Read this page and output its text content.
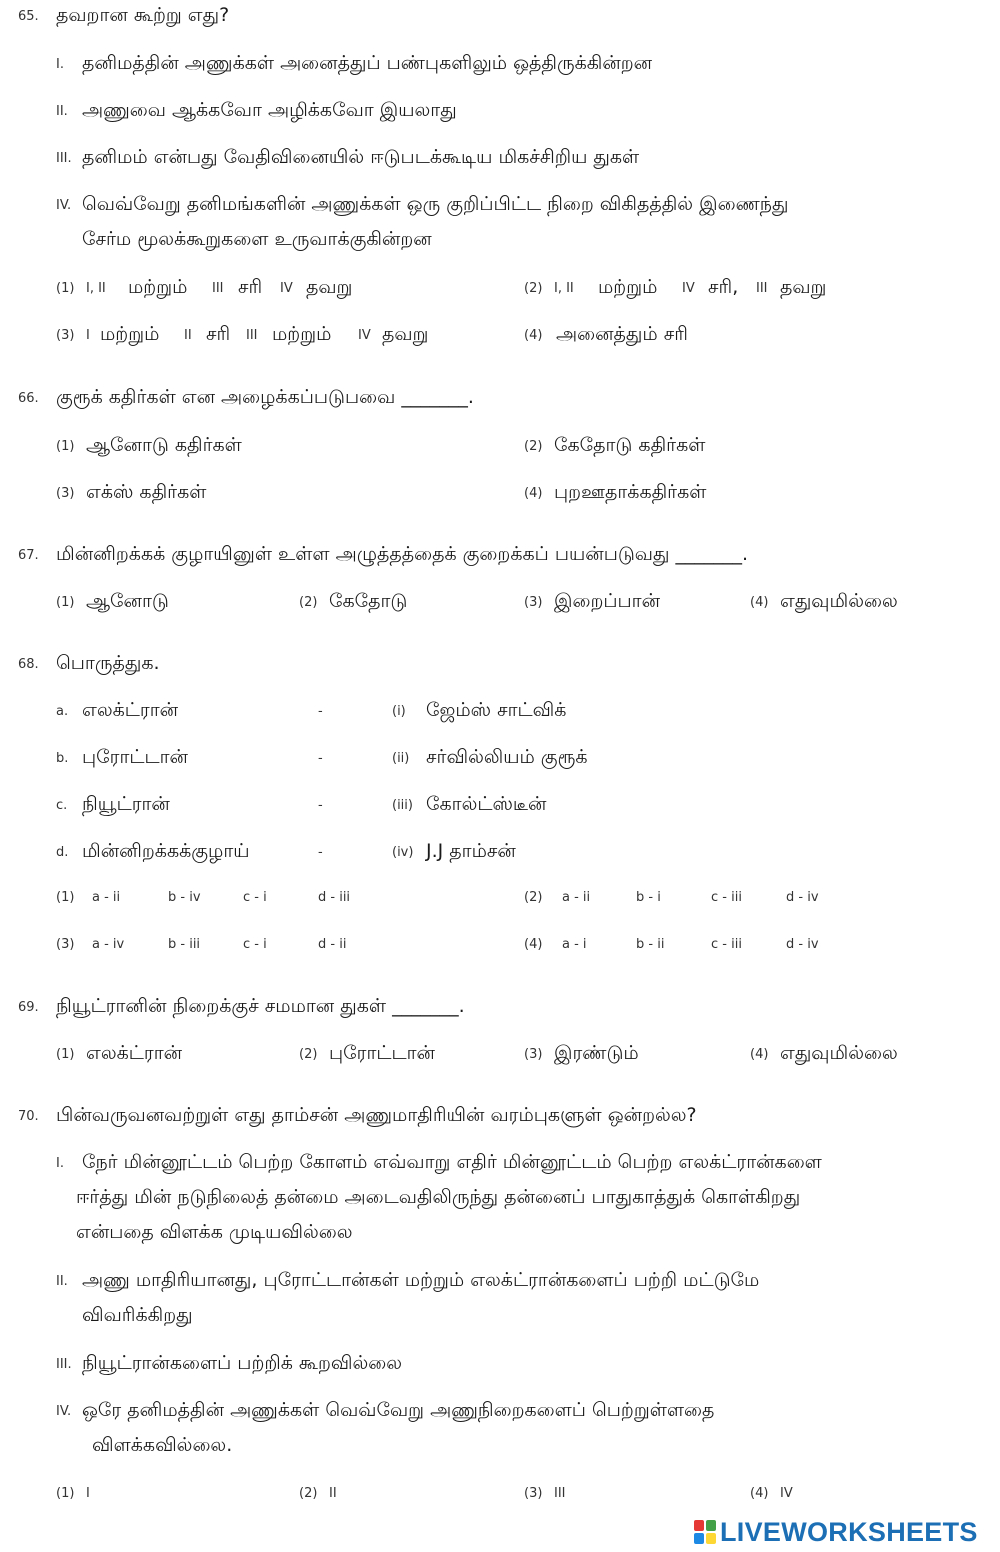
65. தவறான கூற்று எது?
I. தனிமத்தின் அணுக்கள் அனைத்துப் பண்புகளிலும் ஒத்திருக்கின்றன
II. அணுவை ஆக்கவோ அழிக்கவோ இயலாது
III. தனிமம் என்பது வேதிவினையில் ஈடுபடக்கூடிய மிகச்சிறிய துகள்
IV. வெவ்வேறு தனிமங்களின் அணுக்கள் ஒரு குறிப்பிட்ட நிறை விகிதத்தில் இணைந்து
சேர்ம மூலக்கூறுகளை உருவாக்குகின்றன
(1) I, II மற்றும் III சரி IV தவறு	(2) I, II மற்றும் IV சரி, III தவறு
(3) I மற்றும் II சரி III மற்றும் IV தவறு	(4) அனைத்தும் சரி
66. குரூக் கதிர்கள் என அழைக்கப்படுபவை _______.
(1) ஆனோடு கதிர்கள்	(2) கேதோடு கதிர்கள்
(3) எக்ஸ் கதிர்கள்	(4) புறஊதாக்கதிர்கள்
67. மின்னிறக்கக் குழாயினுள் உள்ள அழுத்தத்தைக் குறைக்கப் பயன்படுவது _______.
(1) ஆனோடு	(2) கேதோடு	(3) இறைப்பான்	(4) எதுவுமில்லை
68. பொருத்துக.
a. எலக்ட்ரான்	-	(i) ஜேம்ஸ் சாட்விக்
b. புரோட்டான்	-	(ii) சர்வில்லியம் குரூக்
c. நியூட்ரான்	-	(iii) கோல்ட்ஸ்டீன்
d. மின்னிறக்கக்குழாய்	-	(iv) J.J தாம்சன்
(1) a - ii	b - iv	c - i	d - iii	(2) a - ii	b - i	c - iii	d - iv
(3) a - iv	b - iii	c - i	d - ii	(4) a - i	b - ii	c - iii	d - iv
69. நியூட்ரானின் நிறைக்குச் சமமான துகள் _______.
(1) எலக்ட்ரான்	(2) புரோட்டான்	(3) இரண்டும்	(4) எதுவுமில்லை
70. பின்வருவனவற்றுள் எது தாம்சன் அணுமாதிரியின் வரம்புகளுள் ஒன்றல்ல?
I. நேர் மின்னூட்டம் பெற்ற கோளம் எவ்வாறு எதிர் மின்னூட்டம் பெற்ற எலக்ட்ரான்களை
ஈர்த்து மின் நடுநிலைத் தன்மை அடைவதிலிருந்து தன்னைப் பாதுகாத்துக் கொள்கிறது
என்பதை விளக்க முடியவில்லை
II. அணு மாதிரியானது, புரோட்டான்கள் மற்றும் எலக்ட்ரான்களைப் பற்றி மட்டுமே
விவரிக்கிறது
III. நியூட்ரான்களைப் பற்றிக் கூறவில்லை
IV. ஒரே தனிமத்தின் அணுக்கள் வெவ்வேறு அணுநிறைகளைப் பெற்றுள்ளதை
விளக்கவில்லை.
(1) I	(2) II	(3) III	(4) IV
LIVEWORKSHEETS
